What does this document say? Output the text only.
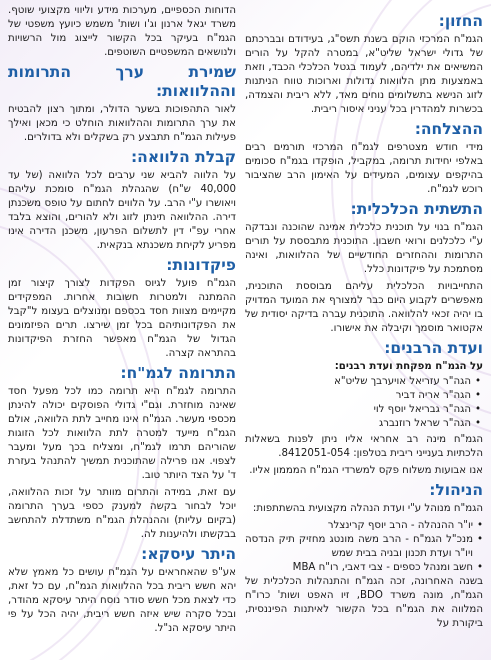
החזון:

הגמ"ח המרכזי הוקם בשנת תשס"ג, בעידודם ובברכתם של גדולי ישראל שליט"א, במטרה להקל על הורים המשיאים את ילדיהם, לעמוד בגטל הכלכלי הכבד, וזאת באמצעות מתן הלוואות גדולות וארוכות טווח הניתנות לזוג הנישא בתשלומים נוחים מאד, ללא ריבית והצמדה, בכשרות למהדרין בכל עניני איסור ריבית.

ההצלחה:

מידי חודש מצטרפים לגמ"ח המרכזי תורמים רבים באלפי יחידות תרומה, במקביל, הופקדו בגמ"ח סכומים בהיקפים עצומים, המעידים על האימון הרב שהציבור רוכש לגמ"ח.

התשתית הכלכלית:

הגמ"ח בנוי על תוכנית כלכלית אמינה שהוכנה ונבדקה ע"י כלכלנים ורואי חשבון. התוכנית מתבססת על תורים התרומות וההחזרים החודשיים של ההלוואות, ואינה מסתמכת על פיקדונות כלל.

התחייבויות הכלכלית עליהם מבוססת התוכנית, מאפשרים לקבוע היום כבר למצורף את המועד המדויק בו יהיה זכאי להלוואה. התוכנית עברה בדיקה יסודית של אקטואר מוסמך וקיבלה את אישורו.

ועדת הרבנים:

על הגמ"ח מפקחת ועדת רבנים:

• הגה"ר עזריאל אויערבך שליט"א
• הגה"ר אריה דביר
• הגה"ר גבריאל יוסף לוי
• הגה"ר שראל רוזנברג

הגמ"ח מינה רב אחראי אליו ניתן לפנות בשאלות הלכתיות בענייני ריבית בטלפון: 8412051-054.

אנו אבועות משלוח פקס למשרדי הגמ"ח המממון אליו.

הניהול:

הגמ"ח מנוהל ע"י ועדת הנהלה מקצועית בהשתתפות:

• יו"ר ההנהלה - הרב יוסף קרינצלר
• מנכ"ל הגמ"ח - הרב משה מונטג מחזיק תיק הנדסה ויו"ר ועדת תכנון ובניה בבית שמש
• חשב ומנהל כספים - צבי דאבי, רו"ח MBA

בשנה האחרונה, זכה הגמ"ח והתנהלות הכלכלית של הגמ"ח, מונה משרד BDO, זיו האפט ושות' כרו"ח המלווה את הגמ"ח בכל הקשור לאיתנות הפיננסית, ביקורת על

הדוחות הכספיים, מערכות מידע וליווי מקצועי שוטף. משרד יגאל ארנון וג'ו ושות' משמש כיועץ משפטי של הגמ"ח בעיקר בכל הקשור לייצוג מול הרשויות ולנושאים המשפטיים השוטפים.

שמירת ערך התרומות וההלוואות:

לאור התהפוכות בשער הדולר, ומתוך רצון להבטיח את ערך התרומות וההלוואות הוחלט כי מכאן ואילך פעילות הגמ"ח תתבצע רק בשקלים ולא בדולרים.

קבלת הלוואה:

על הלווה להביא שני ערבים לכל הלוואה (של עד 40,000 ש"ח) שהגהלת הגמ"ח סומכת עליהם ויאושרו ע"י הרב. על הלווים לחתום על טופס משכנתן דירה. ההלוואה תינתן לזוג ולא להורים, והוצא בלבד אחרי עפ"י דין לתשלום הפרעון, משכנן הדירה אינו מפריע לקיחת משכנתא בנקאית.

פיקדונות:

הגמ"ח פועל לגיוס הפקדות לצורך קיצור זמן ההמתנה ולמטרות חשובות אחרות. המפקידים מקיימים מצוות חסד בכספם ומנוצלים בעצומ ל"קבל את הפקדונותיהם בכל זמן שירצו. תרים הפיזמונים הגדול של הגמ"ח מאפשר החזרת הפיקדונות בהתראה קצרה.

התרומה לגמ"ח:

התרומה לגמ"ח היא תרומה כמו לכל מפעל חסד שאינה מוחזרת. וגם"י גדולי הפוסקים יכולה להינתן מכספי מעשר. הגמ"ח אינו מחייב לתת הלוואה, אולם הגמ"ח מייעד למטרה לתת הלוואות לכל הזוגות שהוריהם תרמו לגמ"ח, ומצליח בכך מעל ומעבר לצפוי. אנו פרילה שהתוכנית תמשיך להתנהל בעזרת ד' על הצד היותר טוב.

עם זאת, במידה והתרום מוותר על זכות ההלוואה, יוכל לבחור בקשה למענק כספי בערך התרומה (בקיום עליות) וההנהלת הגמ"ח משתדלת להתחשב בבקשתו ולהיענות לה.

היתר עיסקא:

אע"פ שהאחראים על הגמ"ח עושים כל מאמץ שלא יהא חשש ריבית בכל ההלוואות הגמ"ח, עם כל זאת, כדי לצאת מכל חשש סודר נוסח היתר עיסקא מהודר, ובכל סקרה שיש איזה חשש ריבית, יהיה הכל על פי היתר עיסקא הנ"ל.
